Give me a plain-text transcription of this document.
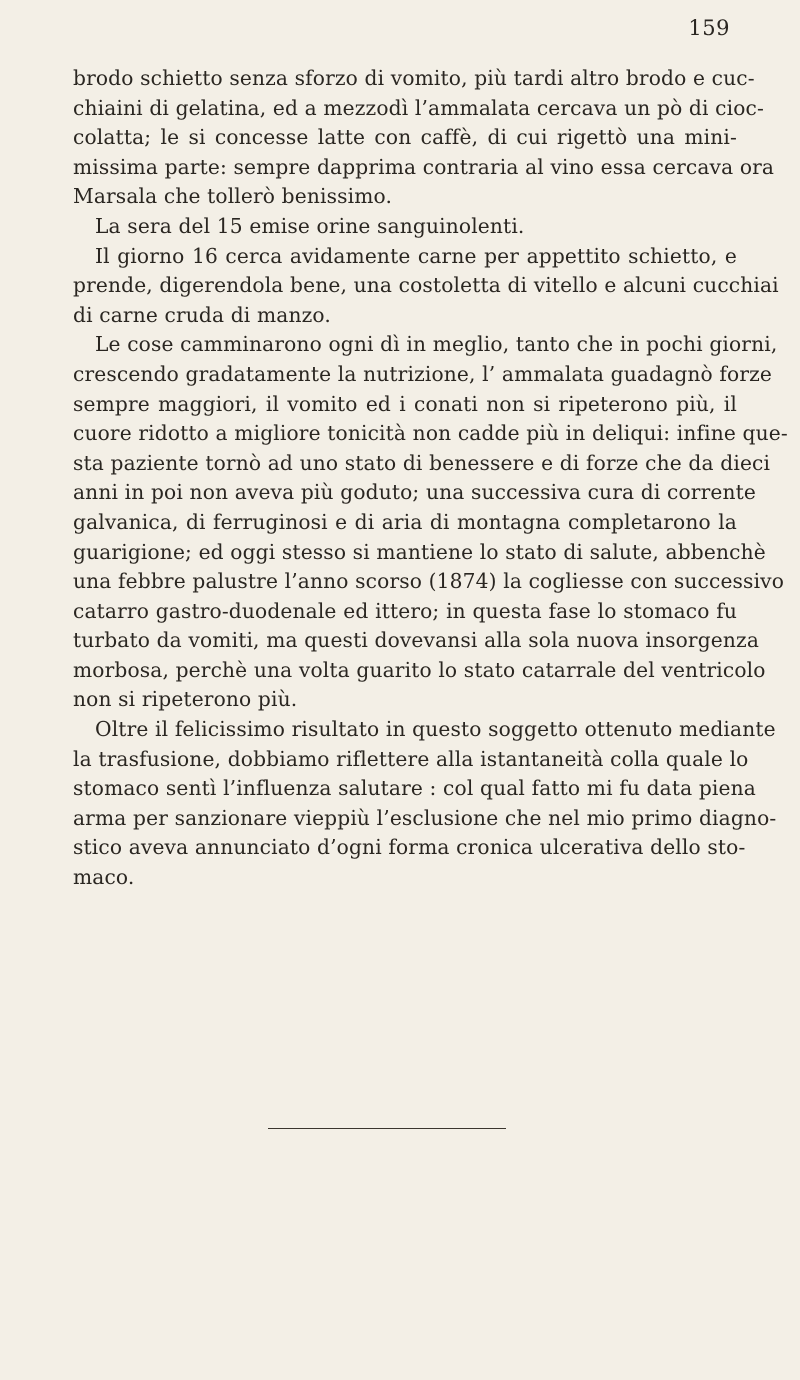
159
brodo schietto senza sforzo di vomito, più tardi altro brodo e cuc-
chiaini di gelatina, ed a mezzodì l’ammalata cercava un pò di cioc-
colatta; le si concesse latte con caffè, di cui rigettò una mini-
missima parte: sempre dapprima contraria al vino essa cercava ora
Marsala che tollerò benissimo.
La sera del 15 emise orine sanguinolenti.
Il giorno 16 cerca avidamente carne per appettito schietto, e
prende, digerendola bene, una costoletta di vitello e alcuni cucchiai
di carne cruda di manzo.
Le cose camminarono ogni dì in meglio, tanto che in pochi giorni,
crescendo gradatamente la nutrizione, l’ ammalata guadagnò forze
sempre maggiori, il vomito ed i conati non si ripeterono più, il
cuore ridotto a migliore tonicità non cadde più in deliqui: infine que-
sta paziente tornò ad uno stato di benessere e di forze che da dieci
anni in poi non aveva più goduto; una successiva cura di corrente
galvanica, di ferruginosi e di aria di montagna completarono la
guarigione; ed oggi stesso si mantiene lo stato di salute, abbenchè
una febbre palustre l’anno scorso (1874) la cogliesse con successivo
catarro gastro-duodenale ed ittero; in questa fase lo stomaco fu
turbato da vomiti, ma questi dovevansi alla sola nuova insorgenza
morbosa, perchè una volta guarito lo stato catarrale del ventricolo
non si ripeterono più.
Oltre il felicissimo risultato in questo soggetto ottenuto mediante
la trasfusione, dobbiamo riflettere alla istantaneità colla quale lo
stomaco sentì l’influenza salutare : col qual fatto mi fu data piena
arma per sanzionare vieppiù l’esclusione che nel mio primo diagno-
stico aveva annunciato d’ogni forma cronica ulcerativa dello sto-
maco.
